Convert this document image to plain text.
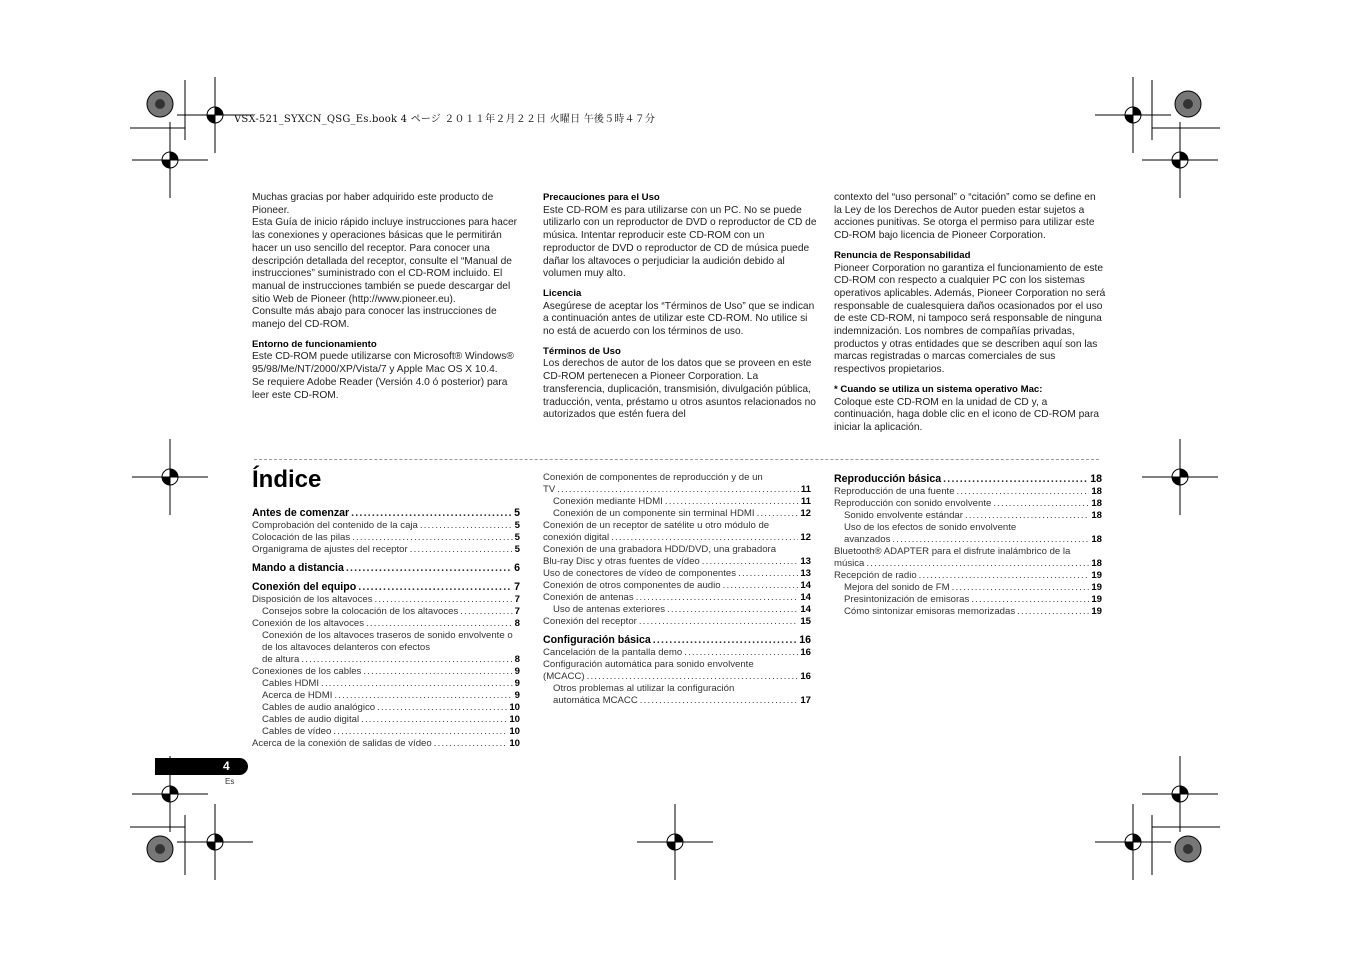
VSX-521_SYXCN_QSG_Es.book 4 ページ ２０１１年２月２２日 火曜日 午後５時４７分

Muchas gracias por haber adquirido este producto de Pioneer.

Esta Guía de inicio rápido incluye instrucciones para hacer las conexiones y operaciones básicas que le permitirán hacer un uso sencillo del receptor. Para conocer una descripción detallada del receptor, consulte el “Manual de instrucciones” suministrado con el CD-ROM incluido. El manual de instrucciones también se puede descargar del sitio Web de Pioneer (http://www.pioneer.eu).

Consulte más abajo para conocer las instrucciones de manejo del CD-ROM.

Entorno de funcionamiento

Este CD-ROM puede utilizarse con Microsoft® Windows® 95/98/Me/NT/2000/XP/Vista/7 y Apple Mac OS X 10.4.

Se requiere Adobe Reader (Versión 4.0 ó posterior) para leer este CD-ROM.

Precauciones para el Uso

Este CD-ROM es para utilizarse con un PC. No se puede utilizarlo con un reproductor de DVD o reproductor de CD de música. Intentar reproducir este CD-ROM con un reproductor de DVD o reproductor de CD de música puede dañar los altavoces o perjudiciar la audición debido al volumen muy alto.

Licencia

Asegúrese de aceptar los “Términos de Uso” que se indican a continuación antes de utilizar este CD-ROM. No utilice si no está de acuerdo con los términos de uso.

Términos de Uso

Los derechos de autor de los datos que se proveen en este CD-ROM pertenecen a Pioneer Corporation. La transferencia, duplicación, transmisión, divulgación pública, traducción, venta, préstamo u otros asuntos relacionados no autorizados que estén fuera del

contexto del “uso personal” o “citación” como se define en la Ley de los Derechos de Autor pueden estar sujetos a acciones punitivas. Se otorga el permiso para utilizar este CD-ROM bajo licencia de Pioneer Corporation.

Renuncia de Responsabilidad

Pioneer Corporation no garantiza el funcionamiento de este CD-ROM con respecto a cualquier PC con los sistemas operativos aplicables. Además, Pioneer Corporation no será responsable de cualesquiera daños ocasionados por el uso de este CD-ROM, ni tampoco será responsable de ninguna indemnización. Los nombres de compañías privadas, productos y otras entidades que se describen aquí son las marcas registradas o marcas comerciales de sus respectivos propietarios.

* Cuando se utiliza un sistema operativo Mac:

Coloque este CD-ROM en la unidad de CD y, a continuación, haga doble clic en el icono de CD-ROM para iniciar la aplicación.

Índice
Antes de comenzar .....	5
Comprobación del contenido de la caja .....	5
Colocación de las pilas .....	5
Organigrama de ajustes del receptor .....	5
Mando a distancia .....	6
Conexión del equipo .....	7
Disposición de los altavoces .....	7
Consejos sobre la colocación de los altavoces .....	7
Conexión de los altavoces .....	8
Conexión de los altavoces traseros de sonido envolvente o de los altavoces delanteros con efectos
de altura .....	8
Conexiones de los cables .....	9
Cables HDMI .....	9
Acerca de HDMI .....	9
Cables de audio analógico .....	10
Cables de audio digital .....	10
Cables de vídeo .....	10
Acerca de la conexión de salidas de vídeo .....	10
Conexión de componentes de reproducción y de un
TV .....	11
Conexión mediante HDMI .....	11
Conexión de un componente sin terminal HDMI .....	12
Conexión de un receptor de satélite u otro módulo de
conexión digital .....	12
Conexión de una grabadora HDD/DVD, una grabadora
Blu-ray Disc y otras fuentes de vídeo .....	13
Uso de conectores de vídeo de componentes .....	13
Conexión de otros componentes de audio .....	14
Conexión de antenas .....	14
Uso de antenas exteriores .....	14
Conexión del receptor .....	15
Configuración básica .....	16
Cancelación de la pantalla demo .....	16
Configuración automática para sonido envolvente
(MCACC) .....	16
Otros problemas al utilizar la configuración
automática MCACC .....	17
Reproducción básica .....	18
Reproducción de una fuente .....	18
Reproducción con sonido envolvente .....	18
Sonido envolvente estándar .....	18
Uso de los efectos de sonido envolvente
avanzados .....	18
Bluetooth® ADAPTER para el disfrute inalámbrico de la
música .....	18
Recepción de radio .....	19
Mejora del sonido de FM .....	19
Presintonización de emisoras .....	19
Cómo sintonizar emisoras memorizadas .....	19
4
Es
